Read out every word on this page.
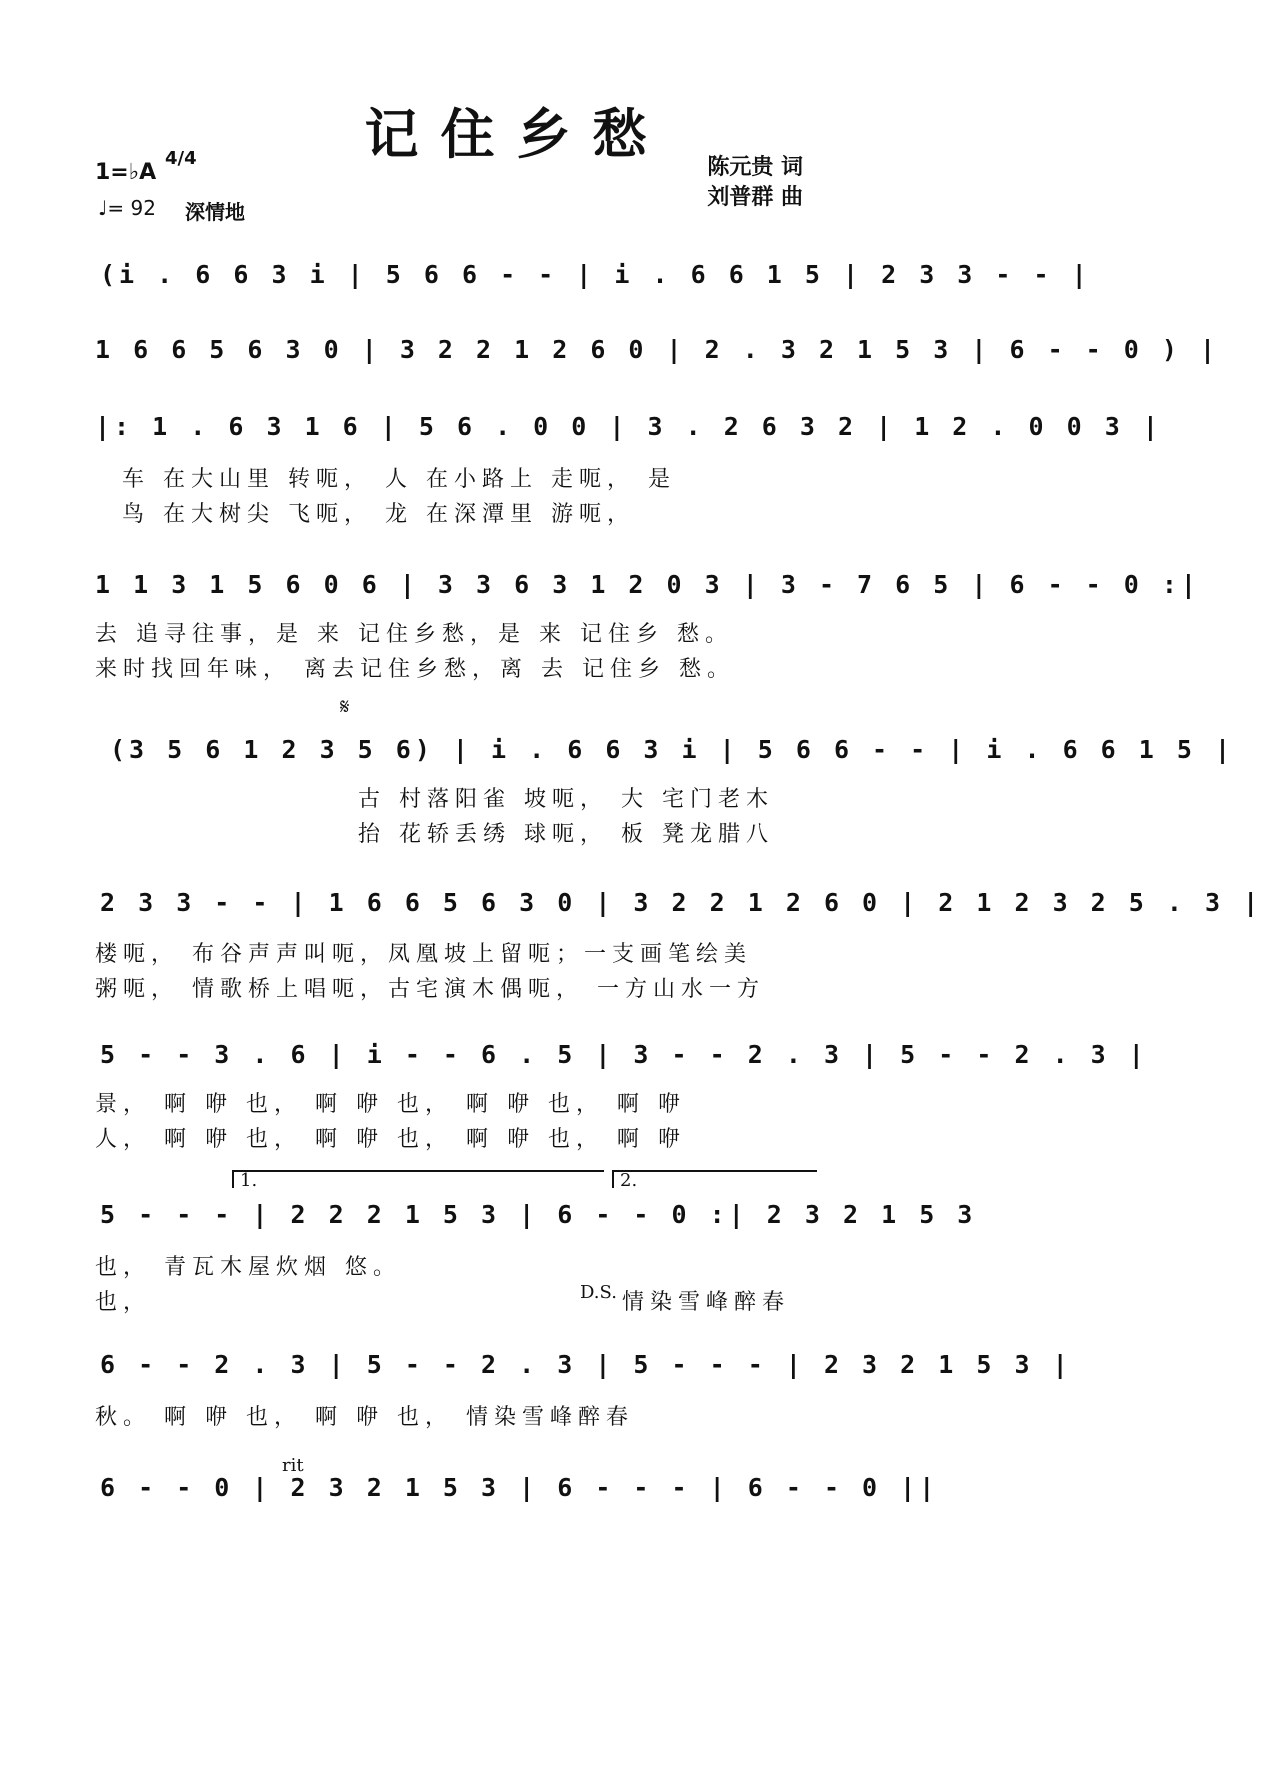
记住乡愁
1=♭A
4/4
♩= 92 深情地
陈元贵 词
刘普群 曲
(i . 6 6 3 i | 5 6 6 - - | i . 6 6 1 5 | 2 3 3 - - |
1 6 6 5 6 3 0 | 3 2 2 1 2 6 0 | 2 . 3 2 1 5 3 | 6 - - 0 ) |
|: 1 . 6 3 1 6 | 5 6 . 0 0 | 3 . 2 6 3 2 | 1 2 . 0 0 3 |
车 在大山里 转呃， 人 在小路上 走呃， 是
鸟 在大树尖 飞呃， 龙 在深潭里 游呃，
1 1 3 1 5 6 0 6 | 3 3 6 3 1 2 0 3 | 3 - 7 6 5 | 6 - - 0 :|
去 追寻往事，是 来 记住乡愁，是 来 记住乡 愁。
来时找回年味， 离去记住乡愁，离 去 记住乡 愁。
𝄋
(3 5 6 1 2 3 5 6) | i . 6 6 3 i | 5 6 6 - - | i . 6 6 1 5 |
古 村落阳雀 坡呃， 大 宅门老木
抬 花轿丢绣 球呃， 板 凳龙腊八
2 3 3 - - | 1 6 6 5 6 3 0 | 3 2 2 1 2 6 0 | 2 1 2 3 2 5 . 3 |
楼呃， 布谷声声叫呃，凤凰坡上留呃；一支画笔绘美
粥呃， 情歌桥上唱呃，古宅演木偶呃， 一方山水一方
5 - - 3 . 6 | i - - 6 . 5 | 3 - - 2 . 3 | 5 - - 2 . 3 |
景， 啊 咿 也， 啊 咿 也， 啊 咿 也， 啊 咿
人， 啊 咿 也， 啊 咿 也， 啊 咿 也， 啊 咿
1.	2.
5 - - - | 2 2 2 1 5 3 | 6 - - 0 :| 2 3 2 1 5 3
也， 青瓦木屋炊烟 悠。
也，	D.S. 情染雪峰醉春
6 - - 2 . 3 | 5 - - 2 . 3 | 5 - - - | 2 3 2 1 5 3 |
秋。 啊 咿 也， 啊 咿 也， 情染雪峰醉春
rit
6 - - 0 | 2 3 2 1 5 3 | 6 - - - | 6 - - 0 ||
